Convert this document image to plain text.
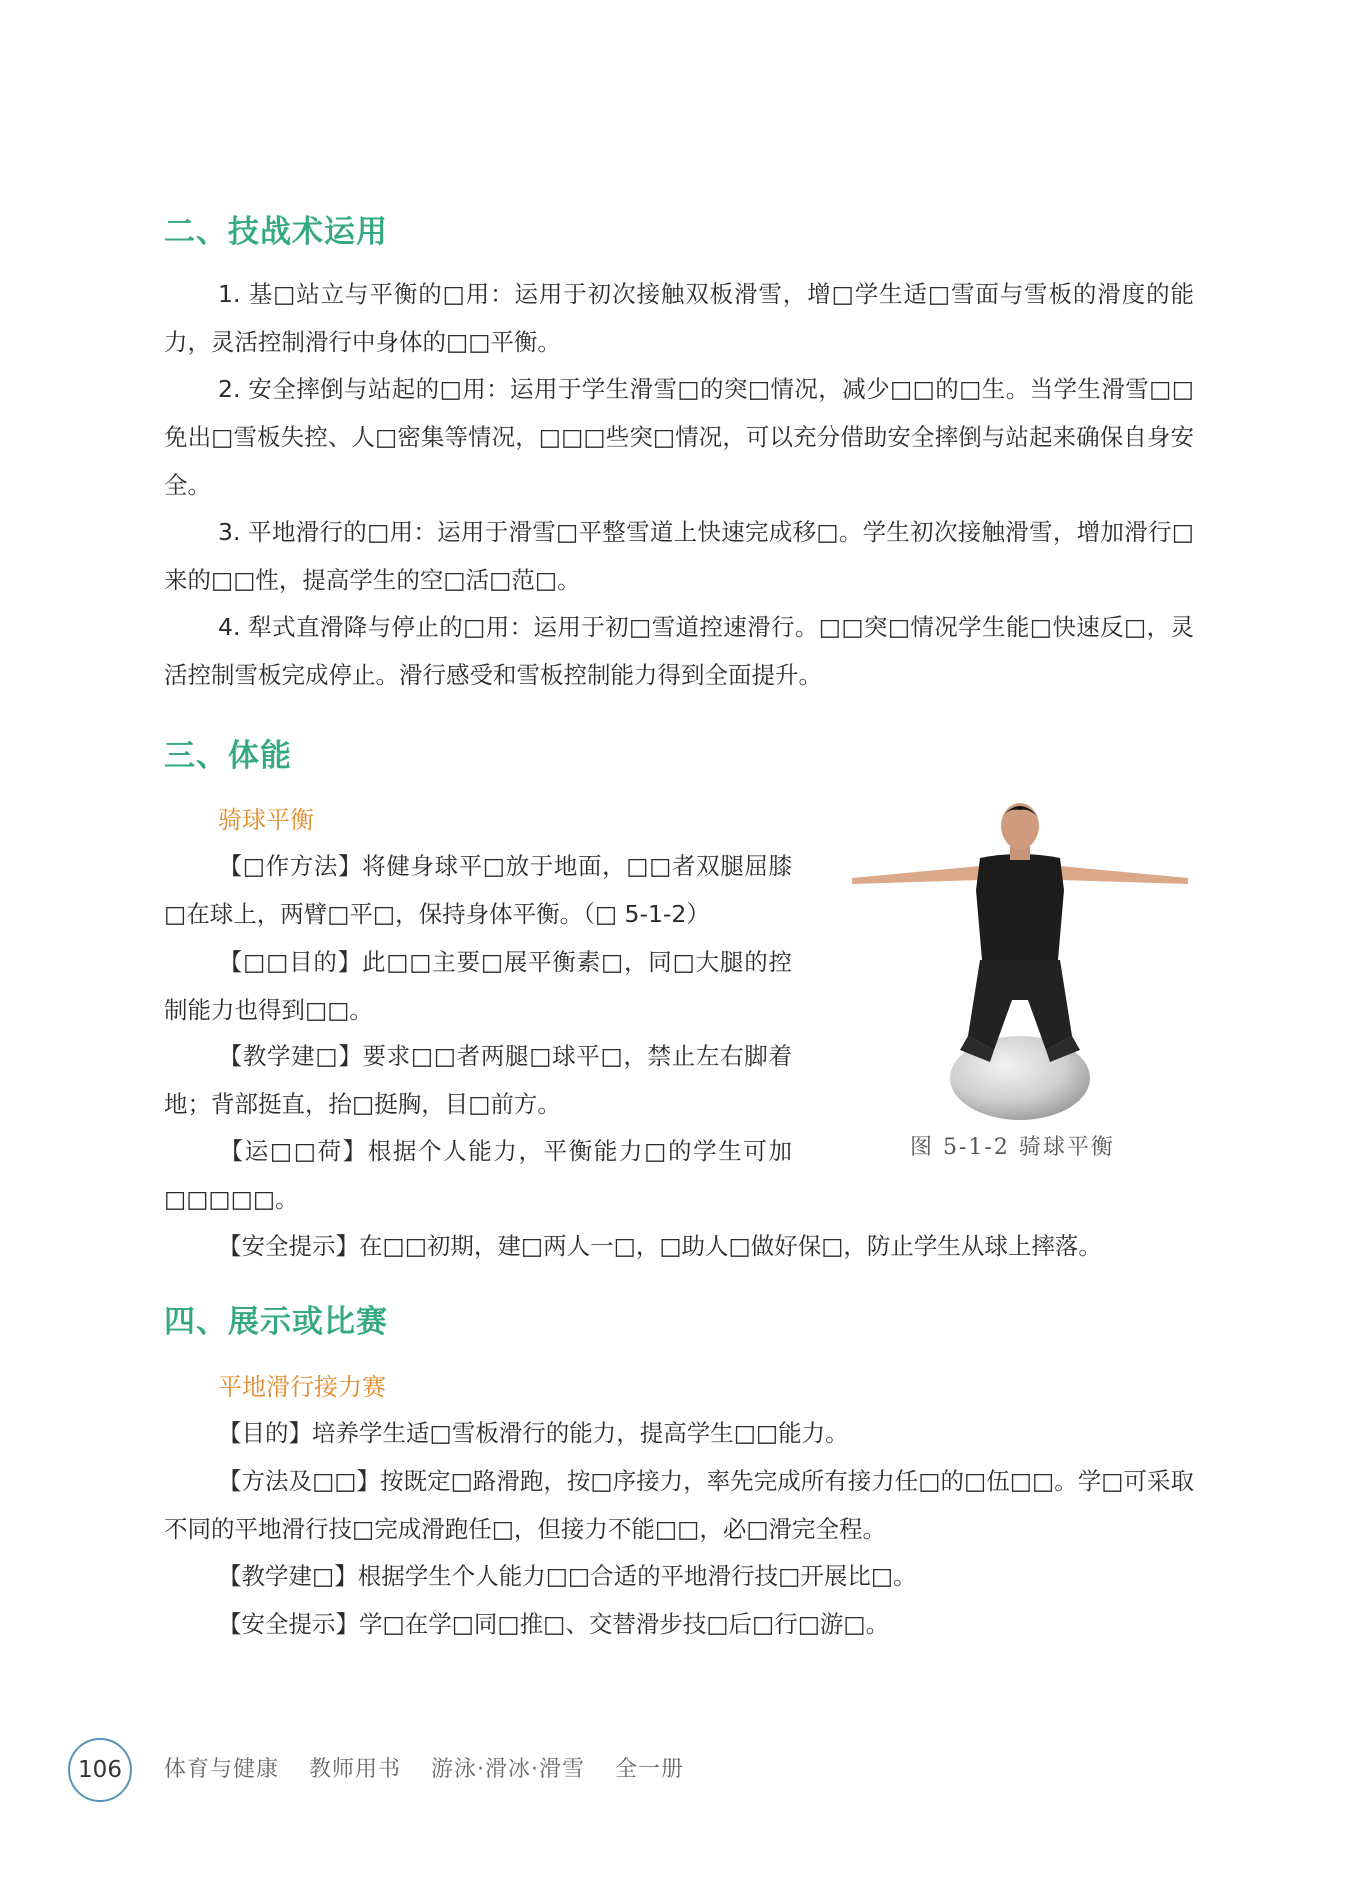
二、技战术运用

1. 基□站立与平衡的□用：运用于初次接触双板滑雪，增□学生适□雪面与雪板的滑度的能力，灵活控制滑行中身体的□□平衡。

2. 安全摔倒与站起的□用：运用于学生滑雪□的突□情况，减少□□的□生。当学生滑雪□□免出□雪板失控、人□密集等情况，□□□些突□情况，可以充分借助安全摔倒与站起来确保自身安全。

3. 平地滑行的□用：运用于滑雪□平整雪道上快速完成移□。学生初次接触滑雪，增加滑行□来的□□性，提高学生的空□活□范□。

4. 犁式直滑降与停止的□用：运用于初□雪道控速滑行。□□突□情况学生能□快速反□，灵活控制雪板完成停止。滑行感受和雪板控制能力得到全面提升。

三、体能
骑球平衡

【□作方法】将健身球平□放于地面，□□者双腿屈膝□在球上，两臂□平□，保持身体平衡。（□ 5-1-2）

【□□目的】此□□主要□展平衡素□，同□大腿的控制能力也得到□□。

【教学建□】要求□□者两腿□球平□，禁止左右脚着地；背部挺直，抬□挺胸，目□前方。

【运□□荷】根据个人能力，平衡能力□的学生可加□□□□□。

【安全提示】在□□初期，建□两人一□，□助人□做好保□，防止学生从球上摔落。

图 5-1-2 骑球平衡
四、展示或比赛
平地滑行接力赛

【目的】培养学生适□雪板滑行的能力，提高学生□□能力。

【方法及□□】按既定□路滑跑，按□序接力，率先完成所有接力任□的□伍□□。学□可采取不同的平地滑行技□完成滑跑任□，但接力不能□□，必□滑完全程。

【教学建□】根据学生个人能力□□合适的平地滑行技□开展比□。

【安全提示】学□在学□同□推□、交替滑步技□后□行□游□。

106	体育与健康 教师用书 游泳·滑冰·滑雪 全一册
